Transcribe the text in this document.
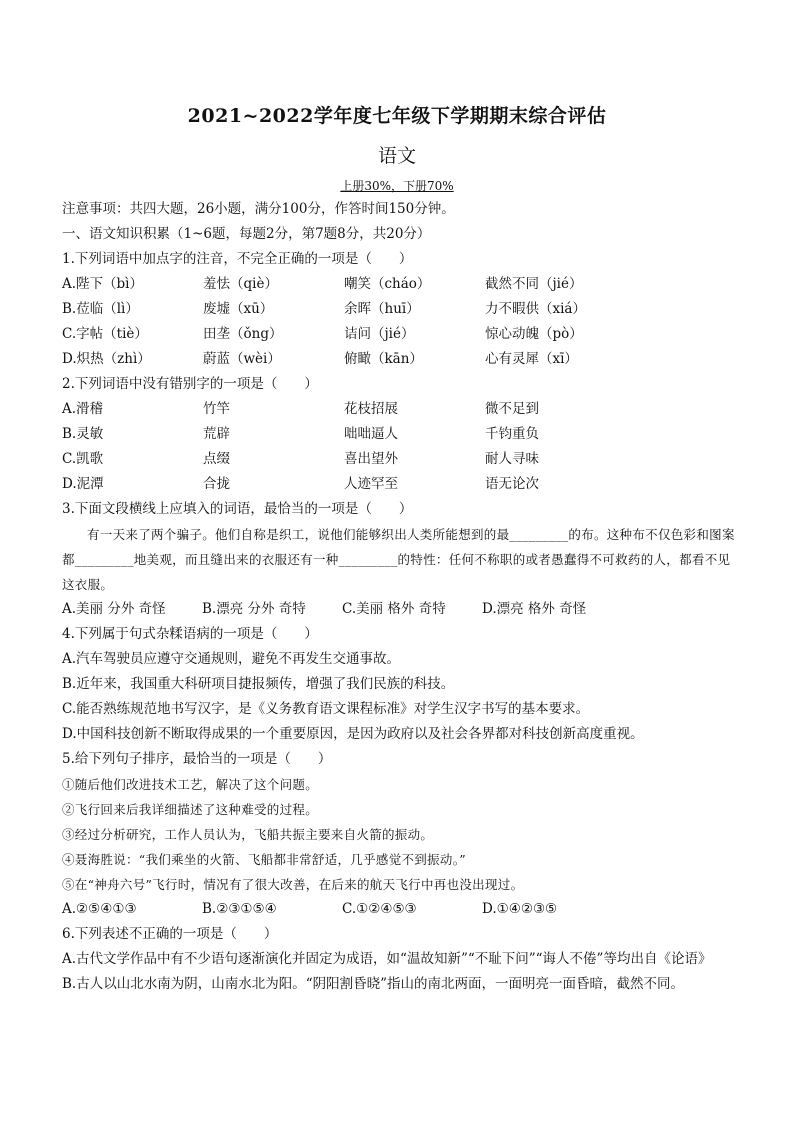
2021~2022学年度七年级下学期期末综合评估
语文
上册30%，下册70%
注意事项：共四大题，26小题，满分100分，作答时间150分钟。
一、语文知识积累（1~6题，每题2分，第7题8分，共20分）
1.下列词语中加点字的注音，不完全正确的一项是（　　）
A.陛下（bì）	羞怯（qiè）	嘲笑（cháo）	截然不同（jié）
B.莅临（lì）	废墟（xū）	余晖（huī）	力不暇供（xiá）
C.字帖（tiè）	田垄（ǒng）	诘问（jié）	惊心动魄（pò）
D.炽热（zhì）	蔚蓝（wèi）	俯瞰（kān）	心有灵犀（xī）
2.下列词语中没有错别字的一项是（　　）
A.滑稽	竹竿	花枝招展	微不足到
B.灵敏	荒辟	咄咄逼人	千钧重负
C.凯歌	点缀	喜出望外	耐人寻味
D.泥潭	合拢	人迹罕至	语无论次
3.下面文段横线上应填入的词语，最恰当的一项是（　　）
有一天来了两个骗子。他们自称是织工，说他们能够织出人类所能想到的最_________的布。这种布不仅色彩和图案都_________地美观，而且缝出来的衣服还有一种_________的特性：任何不称职的或者愚蠢得不可救药的人，都看不见这衣服。
A.美丽 分外 奇怪	B.漂亮 分外 奇特	C.美丽 格外 奇特	D.漂亮 格外 奇怪
4.下列属于句式杂糅语病的一项是（　　）
A.汽车驾驶员应遵守交通规则，避免不再发生交通事故。
B.近年来，我国重大科研项目捷报频传，增强了我们民族的科技。
C.能否熟练规范地书写汉字，是《义务教育语文课程标准》对学生汉字书写的基本要求。
D.中国科技创新不断取得成果的一个重要原因，是因为政府以及社会各界都对科技创新高度重视。
5.给下列句子排序，最恰当的一项是（　　）
①随后他们改进技术工艺，解决了这个问题。
②飞行回来后我详细描述了这种难受的过程。
③经过分析研究，工作人员认为，飞船共振主要来自火箭的振动。
④聂海胜说：“我们乘坐的火箭、飞船都非常舒适，几乎感觉不到振动。”
⑤在“神舟六号”飞行时，情况有了很大改善，在后来的航天飞行中再也没出现过。
A.②⑤④①③	B.②③①⑤④	C.①②④⑤③	D.①④②③⑤
6.下列表述不正确的一项是（　　）
A.古代文学作品中有不少语句逐渐演化并固定为成语，如“温故知新”“不耻下问”“诲人不倦”等均出自《论语》
B.古人以山北水南为阴，山南水北为阳。“阴阳割昏晓”指山的南北两面，一面明亮一面昏暗，截然不同。
